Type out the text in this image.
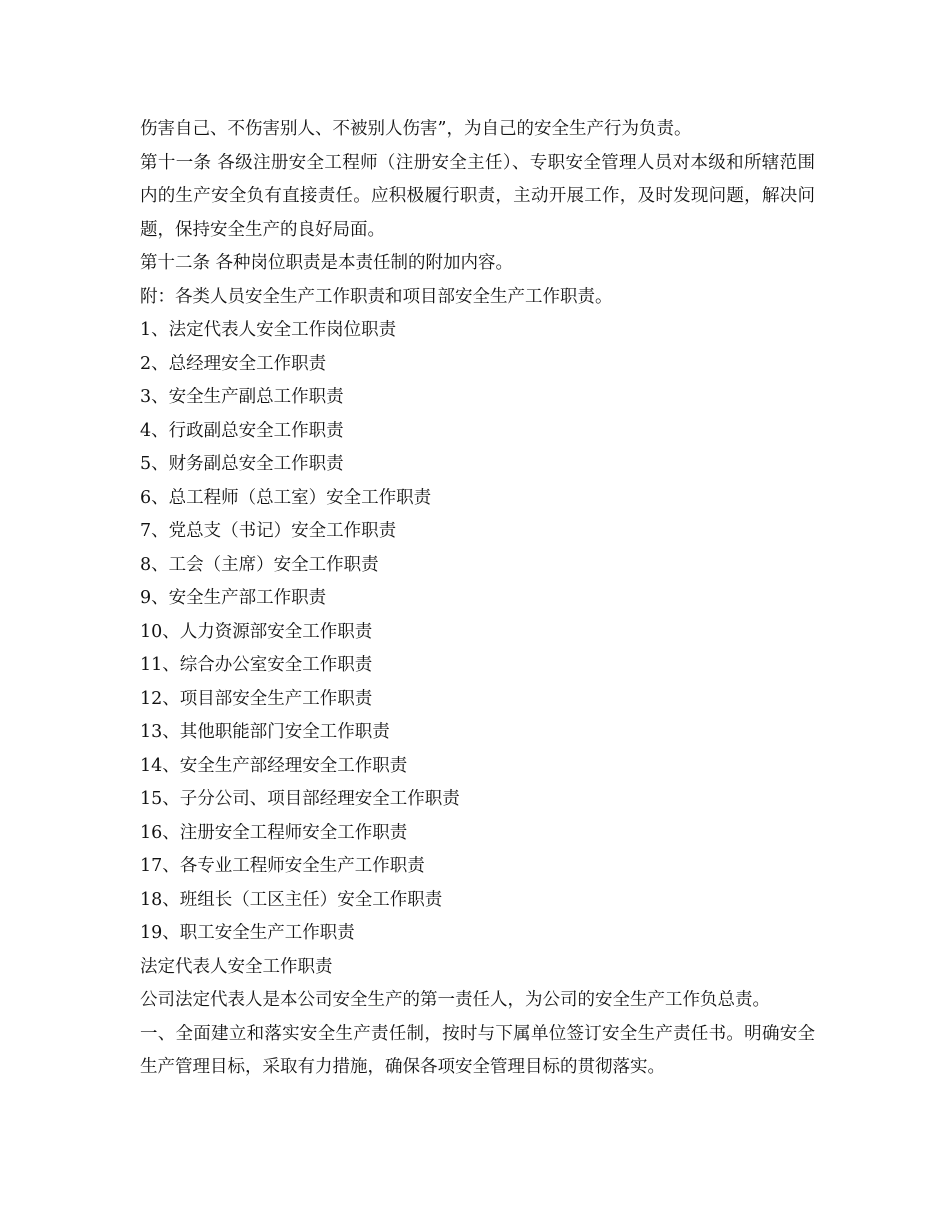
伤害自己、不伤害别人、不被别人伤害”，为自己的安全生产行为负责。
第十一条 各级注册安全工程师（注册安全主任）、专职安全管理人员对本级和所辖范围内的生产安全负有直接责任。应积极履行职责，主动开展工作，及时发现问题，解决问题，保持安全生产的良好局面。
第十二条 各种岗位职责是本责任制的附加内容。
附：各类人员安全生产工作职责和项目部安全生产工作职责。
1、法定代表人安全工作岗位职责
2、总经理安全工作职责
3、安全生产副总工作职责
4、行政副总安全工作职责
5、财务副总安全工作职责
6、总工程师（总工室）安全工作职责
7、党总支（书记）安全工作职责
8、工会（主席）安全工作职责
9、安全生产部工作职责
10、人力资源部安全工作职责
11、综合办公室安全工作职责
12、项目部安全生产工作职责
13、其他职能部门安全工作职责
14、安全生产部经理安全工作职责
15、子分公司、项目部经理安全工作职责
16、注册安全工程师安全工作职责
17、各专业工程师安全生产工作职责
18、班组长（工区主任）安全工作职责
19、职工安全生产工作职责
法定代表人安全工作职责
公司法定代表人是本公司安全生产的第一责任人，为公司的安全生产工作负总责。
一、全面建立和落实安全生产责任制，按时与下属单位签订安全生产责任书。明确安全生产管理目标，采取有力措施，确保各项安全管理目标的贯彻落实。
